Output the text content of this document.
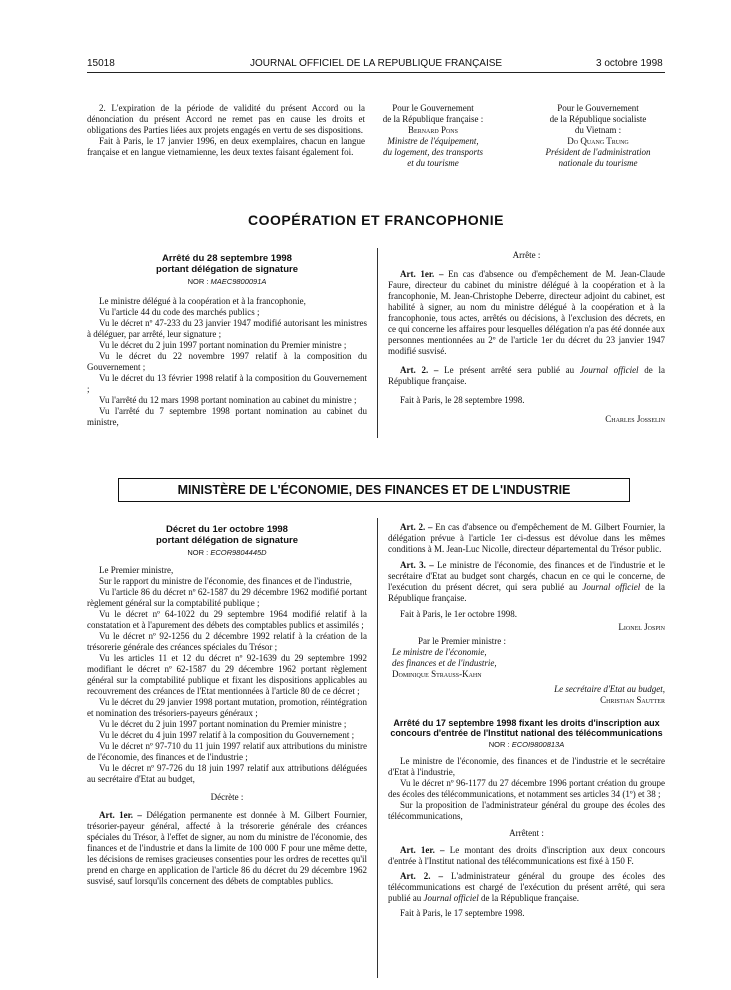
15018	JOURNAL OFFICIEL DE LA REPUBLIQUE FRANÇAISE	3 octobre 1998

2. L'expiration de la période de validité du présent Accord ou la dénonciation du présent Accord ne remet pas en cause les droits et obligations des Parties liées aux projets engagés en vertu de ses dispositions.

Fait à Paris, le 17 janvier 1996, en deux exemplaires, chacun en langue française et en langue vietnamienne, les deux textes faisant également foi.

Pour le Gouvernement

de la République française :

Bernard Pons

Ministre de l'équipement,

du logement, des transports

et du tourisme

Pour le Gouvernement

de la République socialiste

du Vietnam :

Do Quang Trung

Président de l'administration

nationale du tourisme

COOPÉRATION ET FRANCOPHONIE
Arrêté du 28 septembre 1998
portant délégation de signature
NOR : MAEC9800091A

Le ministre délégué à la coopération et à la francophonie,

Vu l'article 44 du code des marchés publics ;

Vu le décret nº 47-233 du 23 janvier 1947 modifié autorisant les ministres à déléguer, par arrêté, leur signature ;

Vu le décret du 2 juin 1997 portant nomination du Premier ministre ;

Vu le décret du 22 novembre 1997 relatif à la composition du Gouvernement ;

Vu le décret du 13 février 1998 relatif à la composition du Gouvernement ;

Vu l'arrêté du 12 mars 1998 portant nomination au cabinet du ministre ;

Vu l'arrêté du 7 septembre 1998 portant nomination au cabinet du ministre,

Arrête :

Art. 1er. – En cas d'absence ou d'empêchement de M. Jean-Claude Faure, directeur du cabinet du ministre délégué à la coopération et à la francophonie, M. Jean-Christophe Deberre, directeur adjoint du cabinet, est habilité à signer, au nom du ministre délégué à la coopération et à la francophonie, tous actes, arrêtés ou décisions, à l'exclusion des décrets, en ce qui concerne les affaires pour lesquelles délégation n'a pas été donnée aux personnes mentionnées au 2º de l'article 1er du décret du 23 janvier 1947 modifié susvisé.

Art. 2. – Le présent arrêté sera publié au Journal officiel de la République française.

Fait à Paris, le 28 septembre 1998.

Charles Josselin

MINISTÈRE DE L'ÉCONOMIE, DES FINANCES ET DE L'INDUSTRIE
Décret du 1er octobre 1998
portant délégation de signature
NOR : ECOR9804445D

Le Premier ministre,

Sur le rapport du ministre de l'économie, des finances et de l'industrie,

Vu l'article 86 du décret nº 62-1587 du 29 décembre 1962 modifié portant règlement général sur la comptabilité publique ;

Vu le décret nº 64-1022 du 29 septembre 1964 modifié relatif à la constatation et à l'apurement des débets des comptables publics et assimilés ;

Vu le décret nº 92-1256 du 2 décembre 1992 relatif à la création de la trésorerie générale des créances spéciales du Trésor ;

Vu les articles 11 et 12 du décret nº 92-1639 du 29 septembre 1992 modifiant le décret nº 62-1587 du 29 décembre 1962 portant règlement général sur la comptabilité publique et fixant les dispositions applicables au recouvrement des créances de l'Etat mentionnées à l'article 80 de ce décret ;

Vu le décret du 29 janvier 1998 portant mutation, promotion, réintégration et nomination des trésoriers-payeurs généraux ;

Vu le décret du 2 juin 1997 portant nomination du Premier ministre ;

Vu le décret du 4 juin 1997 relatif à la composition du Gouvernement ;

Vu le décret nº 97-710 du 11 juin 1997 relatif aux attributions du ministre de l'économie, des finances et de l'industrie ;

Vu le décret nº 97-726 du 18 juin 1997 relatif aux attributions déléguées au secrétaire d'Etat au budget,

Décrète :

Art. 1er. – Délégation permanente est donnée à M. Gilbert Fournier, trésorier-payeur général, affecté à la trésorerie générale des créances spéciales du Trésor, à l'effet de signer, au nom du ministre de l'économie, des finances et de l'industrie et dans la limite de 100 000 F pour une même dette, les décisions de remises gracieuses consenties pour les ordres de recettes qu'il prend en charge en application de l'article 86 du décret du 29 décembre 1962 susvisé, sauf lorsqu'ils concernent des débets de comptables publics.

Art. 2. – En cas d'absence ou d'empêchement de M. Gilbert Fournier, la délégation prévue à l'article 1er ci-dessus est dévolue dans les mêmes conditions à M. Jean-Luc Nicolle, directeur départemental du Trésor public.

Art. 3. – Le ministre de l'économie, des finances et de l'industrie et le secrétaire d'Etat au budget sont chargés, chacun en ce qui le concerne, de l'exécution du présent décret, qui sera publié au Journal officiel de la République française.

Fait à Paris, le 1er octobre 1998.

Lionel Jospin

Par le Premier ministre :

Le ministre de l'économie,

des finances et de l'industrie,

Dominique Strauss-Kahn

Le secrétaire d'Etat au budget,

Christian Sautter

Arrêté du 17 septembre 1998 fixant les droits d'inscription aux concours d'entrée de l'Institut national des télécommunications
NOR : ECOI9800813A

Le ministre de l'économie, des finances et de l'industrie et le secrétaire d'Etat à l'industrie,

Vu le décret nº 96-1177 du 27 décembre 1996 portant création du groupe des écoles des télécommunications, et notamment ses articles 34 (1º) et 38 ;

Sur la proposition de l'administrateur général du groupe des écoles des télécommunications,

Arrêtent :

Art. 1er. – Le montant des droits d'inscription aux deux concours d'entrée à l'Institut national des télécommunications est fixé à 150 F.

Art. 2. – L'administrateur général du groupe des écoles des télécommunications est chargé de l'exécution du présent arrêté, qui sera publié au Journal officiel de la République française.

Fait à Paris, le 17 septembre 1998.
